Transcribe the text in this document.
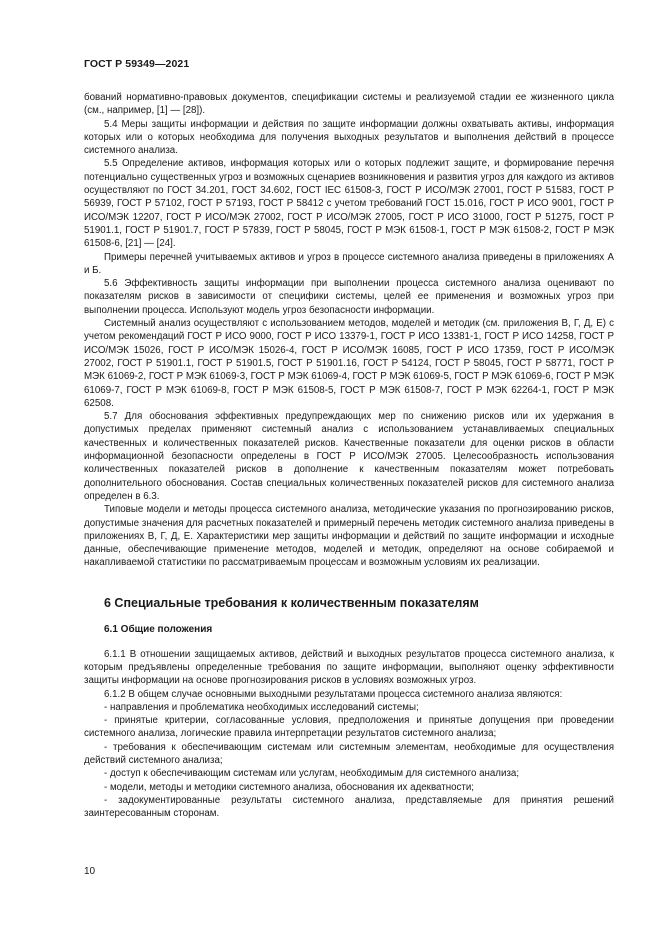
ГОСТ Р 59349—2021

бований нормативно-правовых документов, спецификации системы и реализуемой стадии ее жизненного цикла (см., например, [1] — [28]).

5.4 Меры защиты информации и действия по защите информации должны охватывать активы, информация которых или о которых необходима для получения выходных результатов и выполнения действий в процессе системного анализа.

5.5 Определение активов, информация которых или о которых подлежит защите, и формирование перечня потенциально существенных угроз и возможных сценариев возникновения и развития угроз для каждого из активов осуществляют по ГОСТ 34.201, ГОСТ 34.602, ГОСТ IEC 61508-3, ГОСТ Р ИСО/МЭК 27001, ГОСТ Р 51583, ГОСТ Р 56939, ГОСТ Р 57102, ГОСТ Р 57193, ГОСТ Р 58412 с учетом требований ГОСТ 15.016, ГОСТ Р ИСО 9001, ГОСТ Р ИСО/МЭК 12207, ГОСТ Р ИСО/МЭК 27002, ГОСТ Р ИСО/МЭК 27005, ГОСТ Р ИСО 31000, ГОСТ Р 51275, ГОСТ Р 51901.1, ГОСТ Р 51901.7, ГОСТ Р 57839, ГОСТ Р 58045, ГОСТ Р МЭК 61508-1, ГОСТ Р МЭК 61508-2, ГОСТ Р МЭК 61508-6, [21] — [24].

Примеры перечней учитываемых активов и угроз в процессе системного анализа приведены в приложениях А и Б.

5.6 Эффективность защиты информации при выполнении процесса системного анализа оценивают по показателям рисков в зависимости от специфики системы, целей ее применения и возможных угроз при выполнении процесса. Используют модель угроз безопасности информации.

Системный анализ осуществляют с использованием методов, моделей и методик (см. приложения В, Г, Д, Е) с учетом рекомендаций ГОСТ Р ИСО 9000, ГОСТ Р ИСО 13379-1, ГОСТ Р ИСО 13381-1, ГОСТ Р ИСО 14258, ГОСТ Р ИСО/МЭК 15026, ГОСТ Р ИСО/МЭК 15026-4, ГОСТ Р ИСО/МЭК 16085, ГОСТ Р ИСО 17359, ГОСТ Р ИСО/МЭК 27002, ГОСТ Р 51901.1, ГОСТ Р 51901.5, ГОСТ Р 51901.16, ГОСТ Р 54124, ГОСТ Р 58045, ГОСТ Р 58771, ГОСТ Р МЭК 61069-2, ГОСТ Р МЭК 61069-3, ГОСТ Р МЭК 61069-4, ГОСТ Р МЭК 61069-5, ГОСТ Р МЭК 61069-6, ГОСТ Р МЭК 61069-7, ГОСТ Р МЭК 61069-8, ГОСТ Р МЭК 61508-5, ГОСТ Р МЭК 61508-7, ГОСТ Р МЭК 62264-1, ГОСТ Р МЭК 62508.

5.7 Для обоснования эффективных предупреждающих мер по снижению рисков или их удержания в допустимых пределах применяют системный анализ с использованием устанавливаемых специальных качественных и количественных показателей рисков. Качественные показатели для оценки рисков в области информационной безопасности определены в ГОСТ Р ИСО/МЭК 27005. Целесообразность использования количественных показателей рисков в дополнение к качественным показателям может потребовать дополнительного обоснования. Состав специальных количественных показателей рисков для системного анализа определен в 6.3.

Типовые модели и методы процесса системного анализа, методические указания по прогнозированию рисков, допустимые значения для расчетных показателей и примерный перечень методик системного анализа приведены в приложениях В, Г, Д, Е. Характеристики мер защиты информации и действий по защите информации и исходные данные, обеспечивающие применение методов, моделей и методик, определяют на основе собираемой и накапливаемой статистики по рассматриваемым процессам и возможным условиям их реализации.

6 Специальные требования к количественным показателям
6.1 Общие положения

6.1.1 В отношении защищаемых активов, действий и выходных результатов процесса системного анализа, к которым предъявлены определенные требования по защите информации, выполняют оценку эффективности защиты информации на основе прогнозирования рисков в условиях возможных угроз.

6.1.2 В общем случае основными выходными результатами процесса системного анализа являются:

- направления и проблематика необходимых исследований системы;

- принятые критерии, согласованные условия, предположения и принятые допущения при проведении системного анализа, логические правила интерпретации результатов системного анализа;

- требования к обеспечивающим системам или системным элементам, необходимые для осуществления действий системного анализа;

- доступ к обеспечивающим системам или услугам, необходимым для системного анализа;

- модели, методы и методики системного анализа, обоснования их адекватности;

- задокументированные результаты системного анализа, представляемые для принятия решений заинтересованным сторонам.

10
